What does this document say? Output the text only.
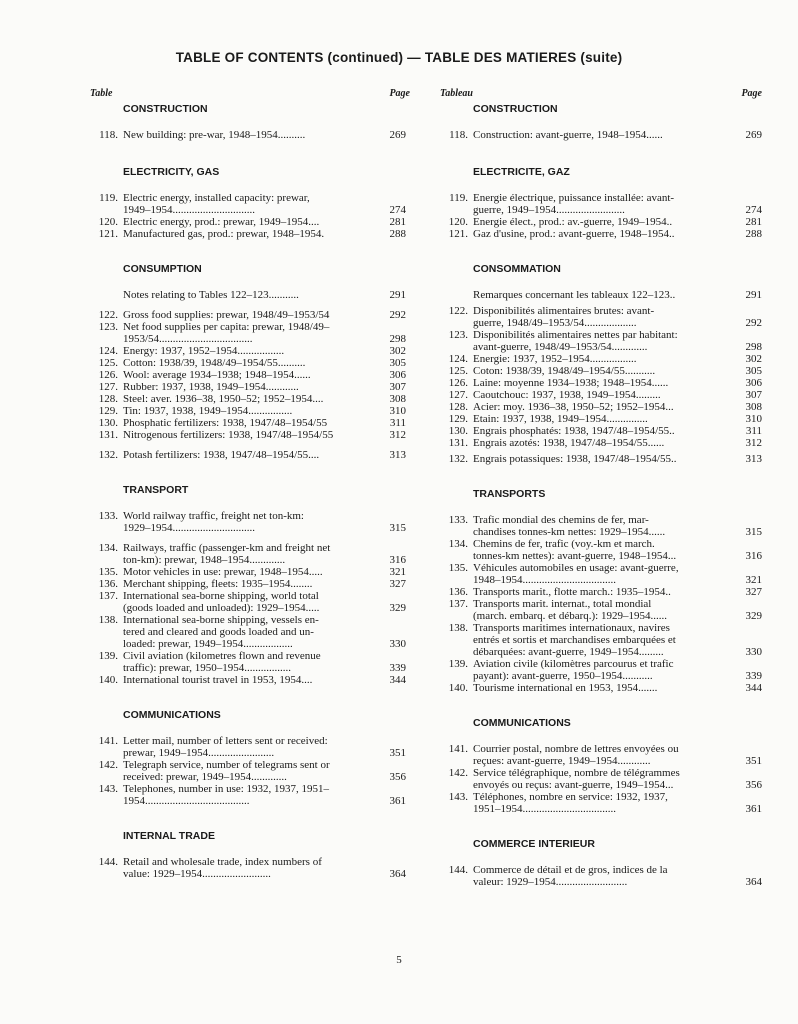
TABLE OF CONTENTS (continued) — TABLE DES MATIERES (suite)
Table	Page
CONSTRUCTION
118. New building: pre-war, 1948–1954..........	269
ELECTRICITY, GAS
119. Electric energy, installed capacity: prewar,
1949–1954..............................	274
120. Electric energy, prod.: prewar, 1949–1954....	281
121. Manufactured gas, prod.: prewar, 1948–1954.	288
CONSUMPTION
Notes relating to Tables 122–123...........	291
122. Gross food supplies: prewar, 1948/49–1953/54	292
123. Net food supplies per capita: prewar, 1948/49–
1953/54..................................	298
124. Energy: 1937, 1952–1954.................	302
125. Cotton: 1938/39, 1948/49–1954/55..........	305
126. Wool: average 1934–1938; 1948–1954......	306
127. Rubber: 1937, 1938, 1949–1954............	307
128. Steel: aver. 1936–38, 1950–52; 1952–1954....	308
129. Tin: 1937, 1938, 1949–1954................	310
130. Phosphatic fertilizers: 1938, 1947/48–1954/55	311
131. Nitrogenous fertilizers: 1938, 1947/48–1954/55	312
132. Potash fertilizers: 1938, 1947/48–1954/55....	313
TRANSPORT
133. World railway traffic, freight net ton-km:
1929–1954..............................	315
134. Railways, traffic (passenger-km and freight net
ton-km): prewar, 1948–1954.............	316
135. Motor vehicles in use: prewar, 1948–1954.....	321
136. Merchant shipping, fleets: 1935–1954........	327
137. International sea-borne shipping, world total
(goods loaded and unloaded): 1929–1954.....	329
138. International sea-borne shipping, vessels en-
tered and cleared and goods loaded and un-
loaded: prewar, 1949–1954..................	330
139. Civil aviation (kilometres flown and revenue
traffic): prewar, 1950–1954.................	339
140. International tourist travel in 1953, 1954....	344
COMMUNICATIONS
141. Letter mail, number of letters sent or received:
prewar, 1949–1954........................	351
142. Telegraph service, number of telegrams sent or
received: prewar, 1949–1954.............	356
143. Telephones, number in use: 1932, 1937, 1951–
1954......................................	361
INTERNAL TRADE
144. Retail and wholesale trade, index numbers of
value: 1929–1954.........................	364
Tableau	Page
CONSTRUCTION
118. Construction: avant-guerre, 1948–1954......	269
ELECTRICITE, GAZ
119. Energie électrique, puissance installée: avant-
guerre, 1949–1954.........................	274
120. Energie élect., prod.: av.-guerre, 1949–1954..	281
121. Gaz d'usine, prod.: avant-guerre, 1948–1954..	288
CONSOMMATION
Remarques concernant les tableaux 122–123..	291
122. Disponibilités alimentaires brutes: avant-
guerre, 1948/49–1953/54...................	292
123. Disponibilités alimentaires nettes par habitant:
avant-guerre, 1948/49–1953/54.............	298
124. Energie: 1937, 1952–1954.................	302
125. Coton: 1938/39, 1948/49–1954/55...........	305
126. Laine: moyenne 1934–1938; 1948–1954......	306
127. Caoutchouc: 1937, 1938, 1949–1954.........	307
128. Acier: moy. 1936–38, 1950–52; 1952–1954...	308
129. Etain: 1937, 1938, 1949–1954...............	310
130. Engrais phosphatés: 1938, 1947/48–1954/55..	311
131. Engrais azotés: 1938, 1947/48–1954/55......	312
132. Engrais potassiques: 1938, 1947/48–1954/55..	313
TRANSPORTS
133. Trafic mondial des chemins de fer, mar-
chandises tonnes-km nettes: 1929–1954......	315
134. Chemins de fer, trafic (voy.-km et march.
tonnes-km nettes): avant-guerre, 1948–1954...	316
135. Véhicules automobiles en usage: avant-guerre,
1948–1954..................................	321
136. Transports marit., flotte march.: 1935–1954..	327
137. Transports marit. internat., total mondial
(march. embarq. et débarq.): 1929–1954......	329
138. Transports maritimes internationaux, navires
entrés et sortis et marchandises embarquées et
débarquées: avant-guerre, 1949–1954.........	330
139. Aviation civile (kilomètres parcourus et trafic
payant): avant-guerre, 1950–1954...........	339
140. Tourisme international en 1953, 1954.......	344
COMMUNICATIONS
141. Courrier postal, nombre de lettres envoyées ou
reçues: avant-guerre, 1949–1954............	351
142. Service télégraphique, nombre de télégrammes
envoyés ou reçus: avant-guerre, 1949–1954...	356
143. Téléphones, nombre en service: 1932, 1937,
1951–1954..................................	361
COMMERCE INTERIEUR
144. Commerce de détail et de gros, indices de la
valeur: 1929–1954..........................	364
5
